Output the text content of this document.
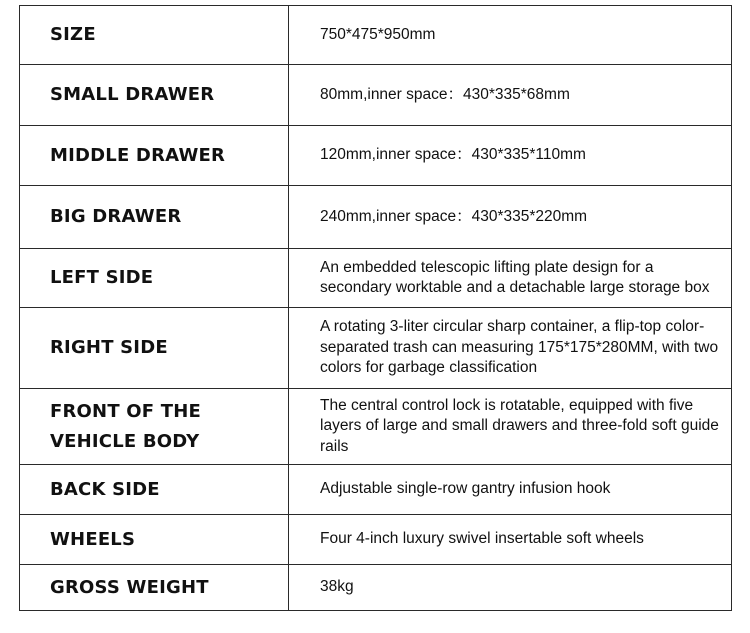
SIZE	750*475*950mm
SMALL DRAWER	80mm,inner space：430*335*68mm
MIDDLE DRAWER	120mm,inner space：430*335*110mm
BIG DRAWER	240mm,inner space：430*335*220mm
LEFT SIDE	An embedded telescopic lifting plate design for a secondary worktable and a detachable large storage box
RIGHT SIDE	A rotating 3-liter circular sharp container, a flip-top color-separated trash can measuring 175*175*280MM, with two colors for garbage classification
FRONT OF THE VEHICLE BODY	The central control lock is rotatable, equipped with five layers of large and small drawers and three-fold soft guide rails
BACK SIDE	Adjustable single-row gantry infusion hook
WHEELS	Four 4-inch luxury swivel insertable soft wheels
GROSS WEIGHT	38kg
